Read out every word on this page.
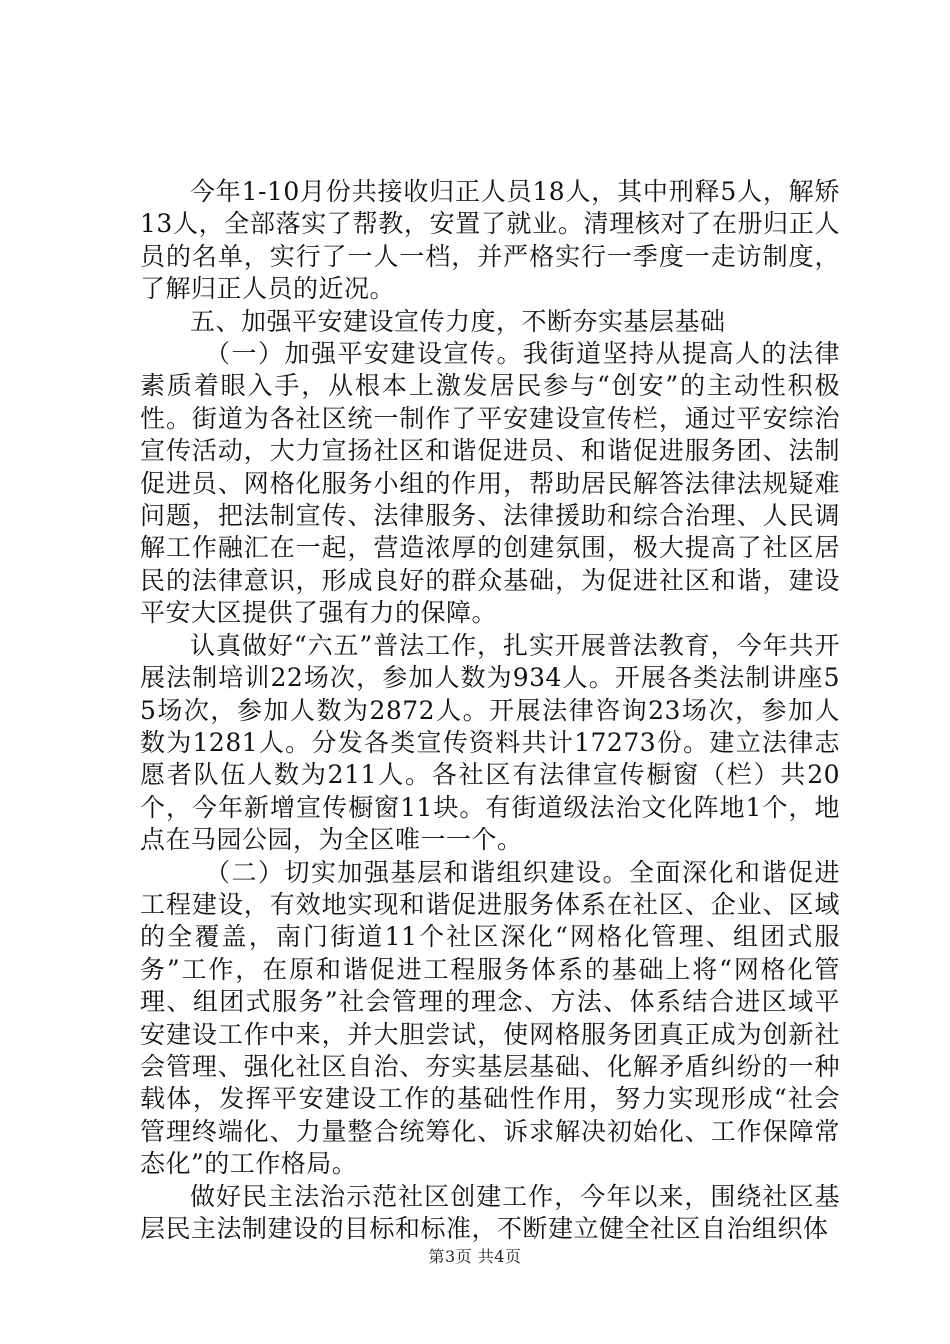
今年1-10月份共接收归正人员18人，其中刑释5人，解矫13人，全部落实了帮教，安置了就业。清理核对了在册归正人员的名单，实行了一人一档，并严格实行一季度一走访制度，了解归正人员的近况。

五、加强平安建设宣传力度，不断夯实基层基础

（一）加强平安建设宣传。我街道坚持从提高人的法律素质着眼入手，从根本上激发居民参与“创安”的主动性积极性。街道为各社区统一制作了平安建设宣传栏，通过平安综治宣传活动，大力宣扬社区和谐促进员、和谐促进服务团、法制促进员、网格化服务小组的作用，帮助居民解答法律法规疑难问题，把法制宣传、法律服务、法律援助和综合治理、人民调解工作融汇在一起，营造浓厚的创建氛围，极大提高了社区居民的法律意识，形成良好的群众基础，为促进社区和谐，建设平安大区提供了强有力的保障。

认真做好“六五”普法工作，扎实开展普法教育，今年共开展法制培训22场次，参加人数为934人。开展各类法制讲座55场次，参加人数为2872人。开展法律咨询23场次，参加人数为1281人。分发各类宣传资料共计17273份。建立法律志愿者队伍人数为211人。各社区有法律宣传橱窗（栏）共20个，今年新增宣传橱窗11块。有街道级法治文化阵地1个，地点在马园公园，为全区唯一一个。

（二）切实加强基层和谐组织建设。全面深化和谐促进工程建设，有效地实现和谐促进服务体系在社区、企业、区域的全覆盖，南门街道11个社区深化“网格化管理、组团式服务”工作，在原和谐促进工程服务体系的基础上将“网格化管理、组团式服务”社会管理的理念、方法、体系结合进区域平安建设工作中来，并大胆尝试，使网格服务团真正成为创新社会管理、强化社区自治、夯实基层基础、化解矛盾纠纷的一种载体，发挥平安建设工作的基础性作用，努力实现形成“社会管理终端化、力量整合统筹化、诉求解决初始化、工作保障常态化”的工作格局。

做好民主法治示范社区创建工作，今年以来，围绕社区基层民主法制建设的目标和标准，不断建立健全社区自治组织体

第3页 共4页
